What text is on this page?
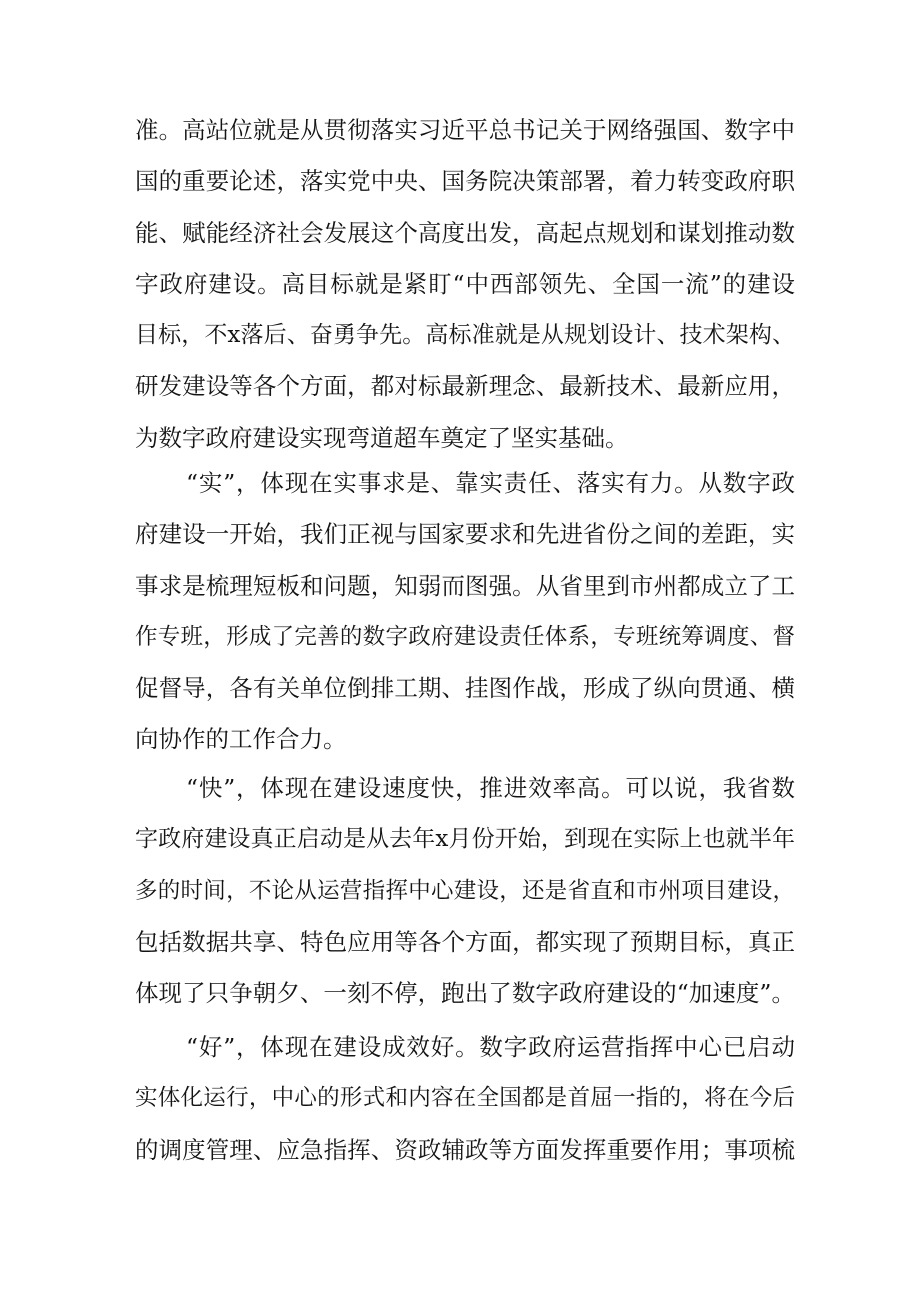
准。高站位就是从贯彻落实习近平总书记关于网络强国、数字中
国的重要论述，落实党中央、国务院决策部署，着力转变政府职
能、赋能经济社会发展这个高度出发，高起点规划和谋划推动数
字政府建设。高目标就是紧盯“中西部领先、全国一流”的建设
目标，不x落后、奋勇争先。高标准就是从规划设计、技术架构、
研发建设等各个方面，都对标最新理念、最新技术、最新应用，
为数字政府建设实现弯道超车奠定了坚实基础。
“实”，体现在实事求是、靠实责任、落实有力。从数字政
府建设一开始，我们正视与国家要求和先进省份之间的差距，实
事求是梳理短板和问题，知弱而图强。从省里到市州都成立了工
作专班，形成了完善的数字政府建设责任体系，专班统筹调度、督
促督导，各有关单位倒排工期、挂图作战，形成了纵向贯通、横
向协作的工作合力。
“快”，体现在建设速度快，推进效率高。可以说，我省数
字政府建设真正启动是从去年x月份开始，到现在实际上也就半年
多的时间，不论从运营指挥中心建设，还是省直和市州项目建设，
包括数据共享、特色应用等各个方面，都实现了预期目标，真正
体现了只争朝夕、一刻不停，跑出了数字政府建设的“加速度”。
“好”，体现在建设成效好。数字政府运营指挥中心已启动
实体化运行，中心的形式和内容在全国都是首屈一指的，将在今后
的调度管理、应急指挥、资政辅政等方面发挥重要作用；事项梳
